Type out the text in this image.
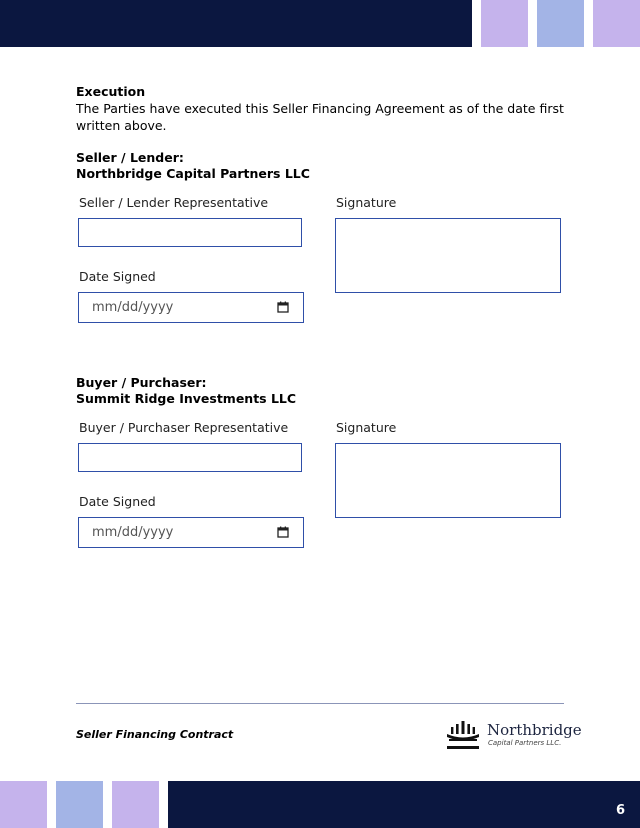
Execution
The Parties have executed this Seller Financing Agreement as of the date first written above.
Seller / Lender:
Northbridge Capital Partners LLC
Seller / Lender Representative	Signature
Date Signed
mm/dd/yyyy
Buyer / Purchaser:
Summit Ridge Investments LLC
Buyer / Purchaser Representative	Signature
Date Signed
mm/dd/yyyy
Seller Financing Contract	Northbridge
Capital Partners LLC.
6
